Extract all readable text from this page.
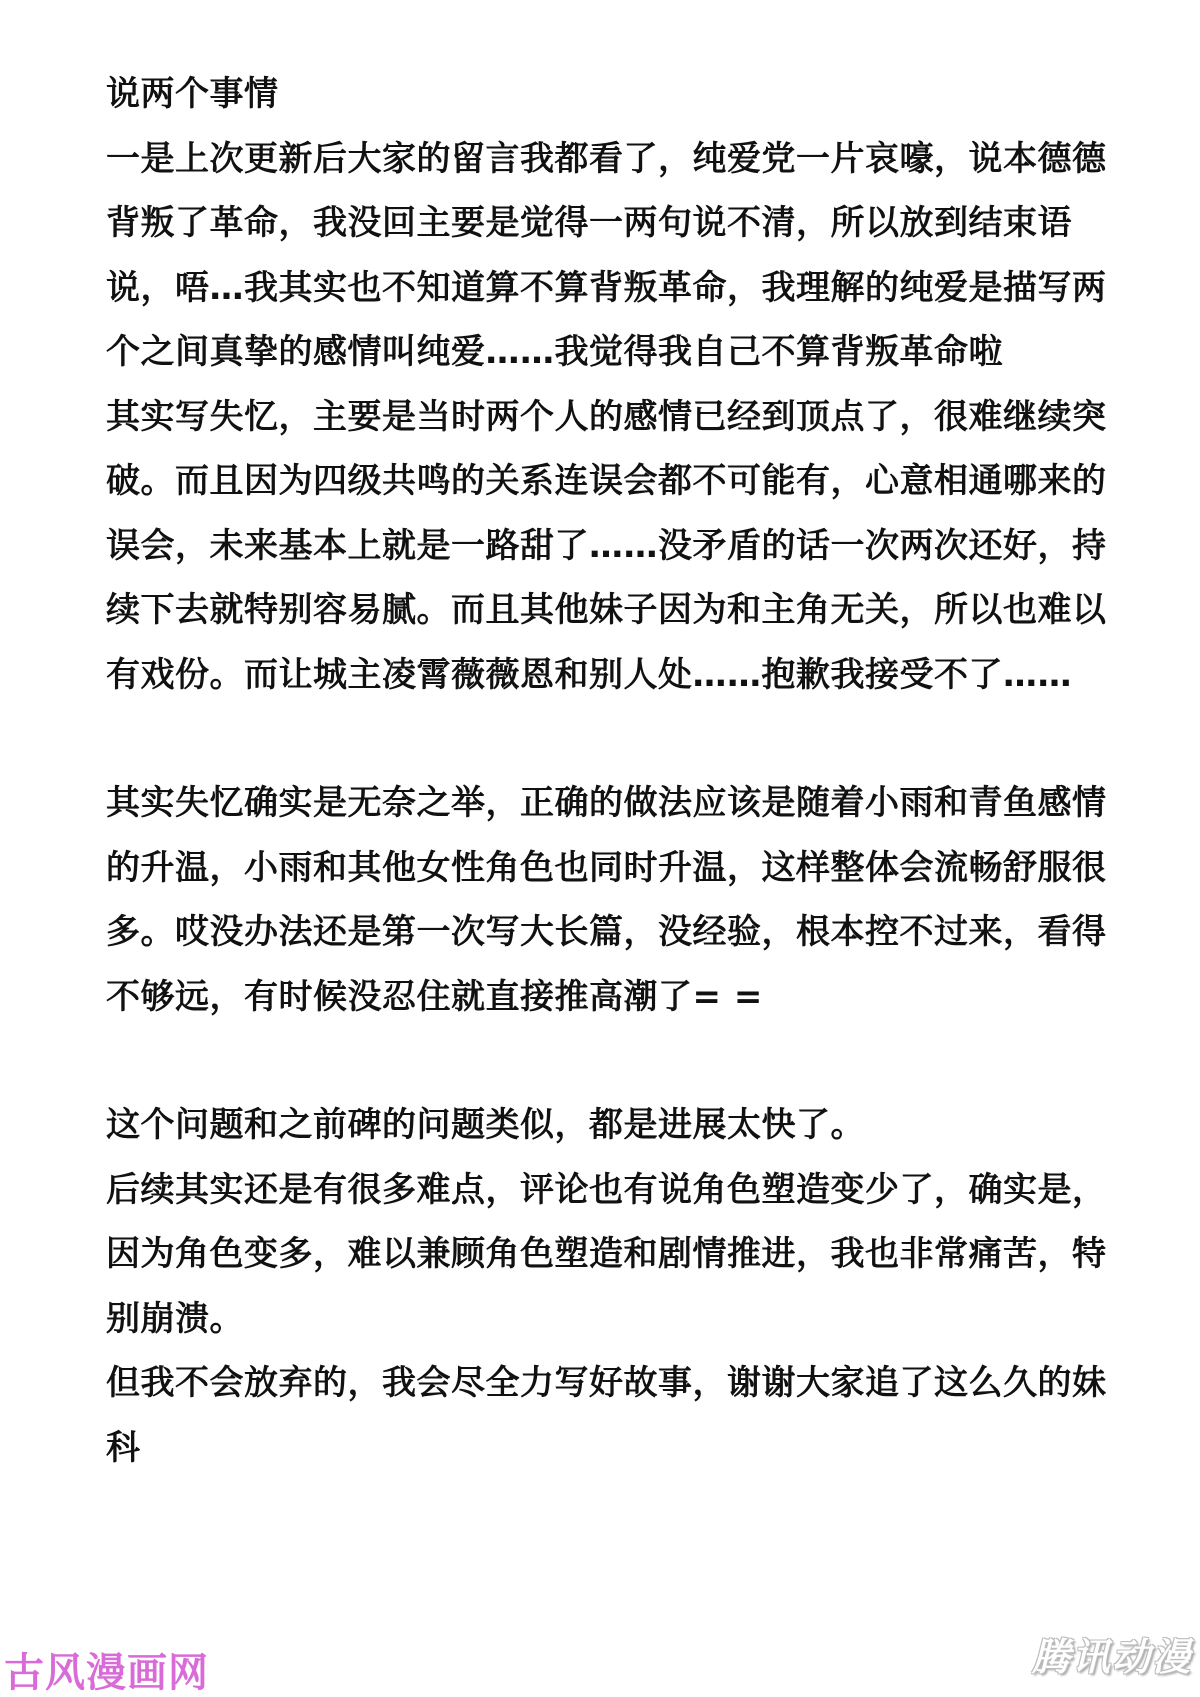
说两个事情

一是上次更新后大家的留言我都看了，纯爱党一片哀嚎，说本德德背叛了革命，我没回主要是觉得一两句说不清，所以放到结束语说，唔…我其实也不知道算不算背叛革命，我理解的纯爱是描写两个之间真挚的感情叫纯爱……我觉得我自己不算背叛革命啦

其实写失忆，主要是当时两个人的感情已经到顶点了，很难继续突破。而且因为四级共鸣的关系连误会都不可能有，心意相通哪来的误会，未来基本上就是一路甜了……没矛盾的话一次两次还好，持续下去就特别容易腻。而且其他妹子因为和主角无关，所以也难以有戏份。而让城主凌霄薇薇恩和别人处……抱歉我接受不了……

其实失忆确实是无奈之举，正确的做法应该是随着小雨和青鱼感情的升温，小雨和其他女性角色也同时升温，这样整体会流畅舒服很多。哎没办法还是第一次写大长篇，没经验，根本控不过来，看得不够远，有时候没忍住就直接推高潮了= =

这个问题和之前碑的问题类似，都是进展太快了。

后续其实还是有很多难点，评论也有说角色塑造变少了，确实是，因为角色变多，难以兼顾角色塑造和剧情推进，我也非常痛苦，特别崩溃。

但我不会放弃的，我会尽全力写好故事，谢谢大家追了这么久的妹科

古风漫画网	腾讯动漫
